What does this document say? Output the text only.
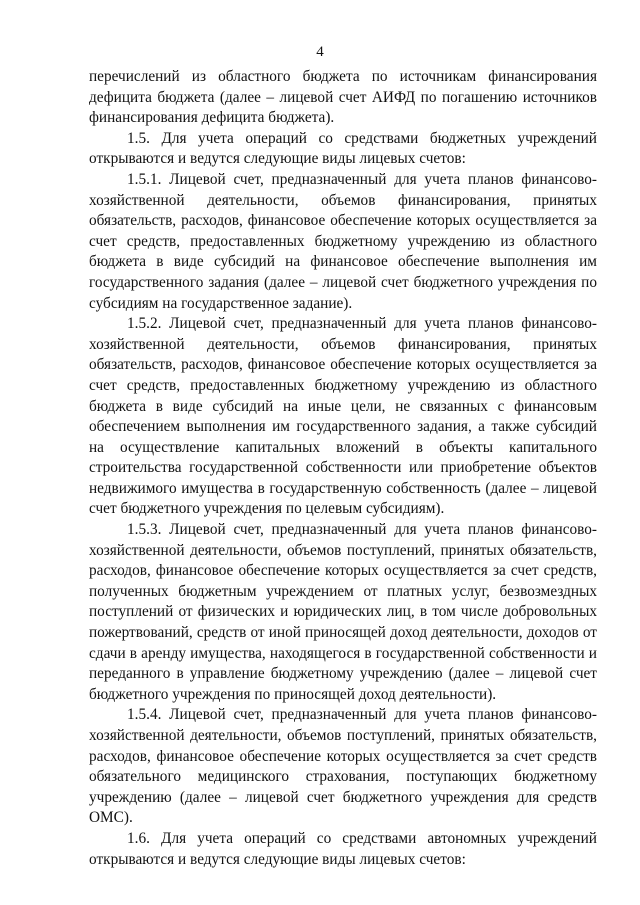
4

перечислений из областного бюджета по источникам финансирования дефицита бюджета (далее – лицевой счет АИФД по погашению источников финансирования дефицита бюджета).

1.5. Для учета операций со средствами бюджетных учреждений открываются и ведутся следующие виды лицевых счетов:

1.5.1. Лицевой счет, предназначенный для учета планов финансово-хозяйственной деятельности, объемов финансирования, принятых обязательств, расходов, финансовое обеспечение которых осуществляется за счет средств, предоставленных бюджетному учреждению из областного бюджета в виде субсидий на финансовое обеспечение выполнения им государственного задания (далее – лицевой счет бюджетного учреждения по субсидиям на государственное задание).

1.5.2. Лицевой счет, предназначенный для учета планов финансово-хозяйственной деятельности, объемов финансирования, принятых обязательств, расходов, финансовое обеспечение которых осуществляется за счет средств, предоставленных бюджетному учреждению из областного бюджета в виде субсидий на иные цели, не связанных с финансовым обеспечением выполнения им государственного задания, а также субсидий на осуществление капитальных вложений в объекты капитального строительства государственной собственности или приобретение объектов недвижимого имущества в государственную собственность (далее – лицевой счет бюджетного учреждения по целевым субсидиям).

1.5.3. Лицевой счет, предназначенный для учета планов финансово-хозяйственной деятельности, объемов поступлений, принятых обязательств, расходов, финансовое обеспечение которых осуществляется за счет средств, полученных бюджетным учреждением от платных услуг, безвозмездных поступлений от физических и юридических лиц, в том числе добровольных пожертвований, средств от иной приносящей доход деятельности, доходов от сдачи в аренду имущества, находящегося в государственной собственности и переданного в управление бюджетному учреждению (далее – лицевой счет бюджетного учреждения по приносящей доход деятельности).

1.5.4. Лицевой счет, предназначенный для учета планов финансово-хозяйственной деятельности, объемов поступлений, принятых обязательств, расходов, финансовое обеспечение которых осуществляется за счет средств обязательного медицинского страхования, поступающих бюджетному учреждению (далее – лицевой счет бюджетного учреждения для средств ОМС).

1.6. Для учета операций со средствами автономных учреждений открываются и ведутся следующие виды лицевых счетов:
